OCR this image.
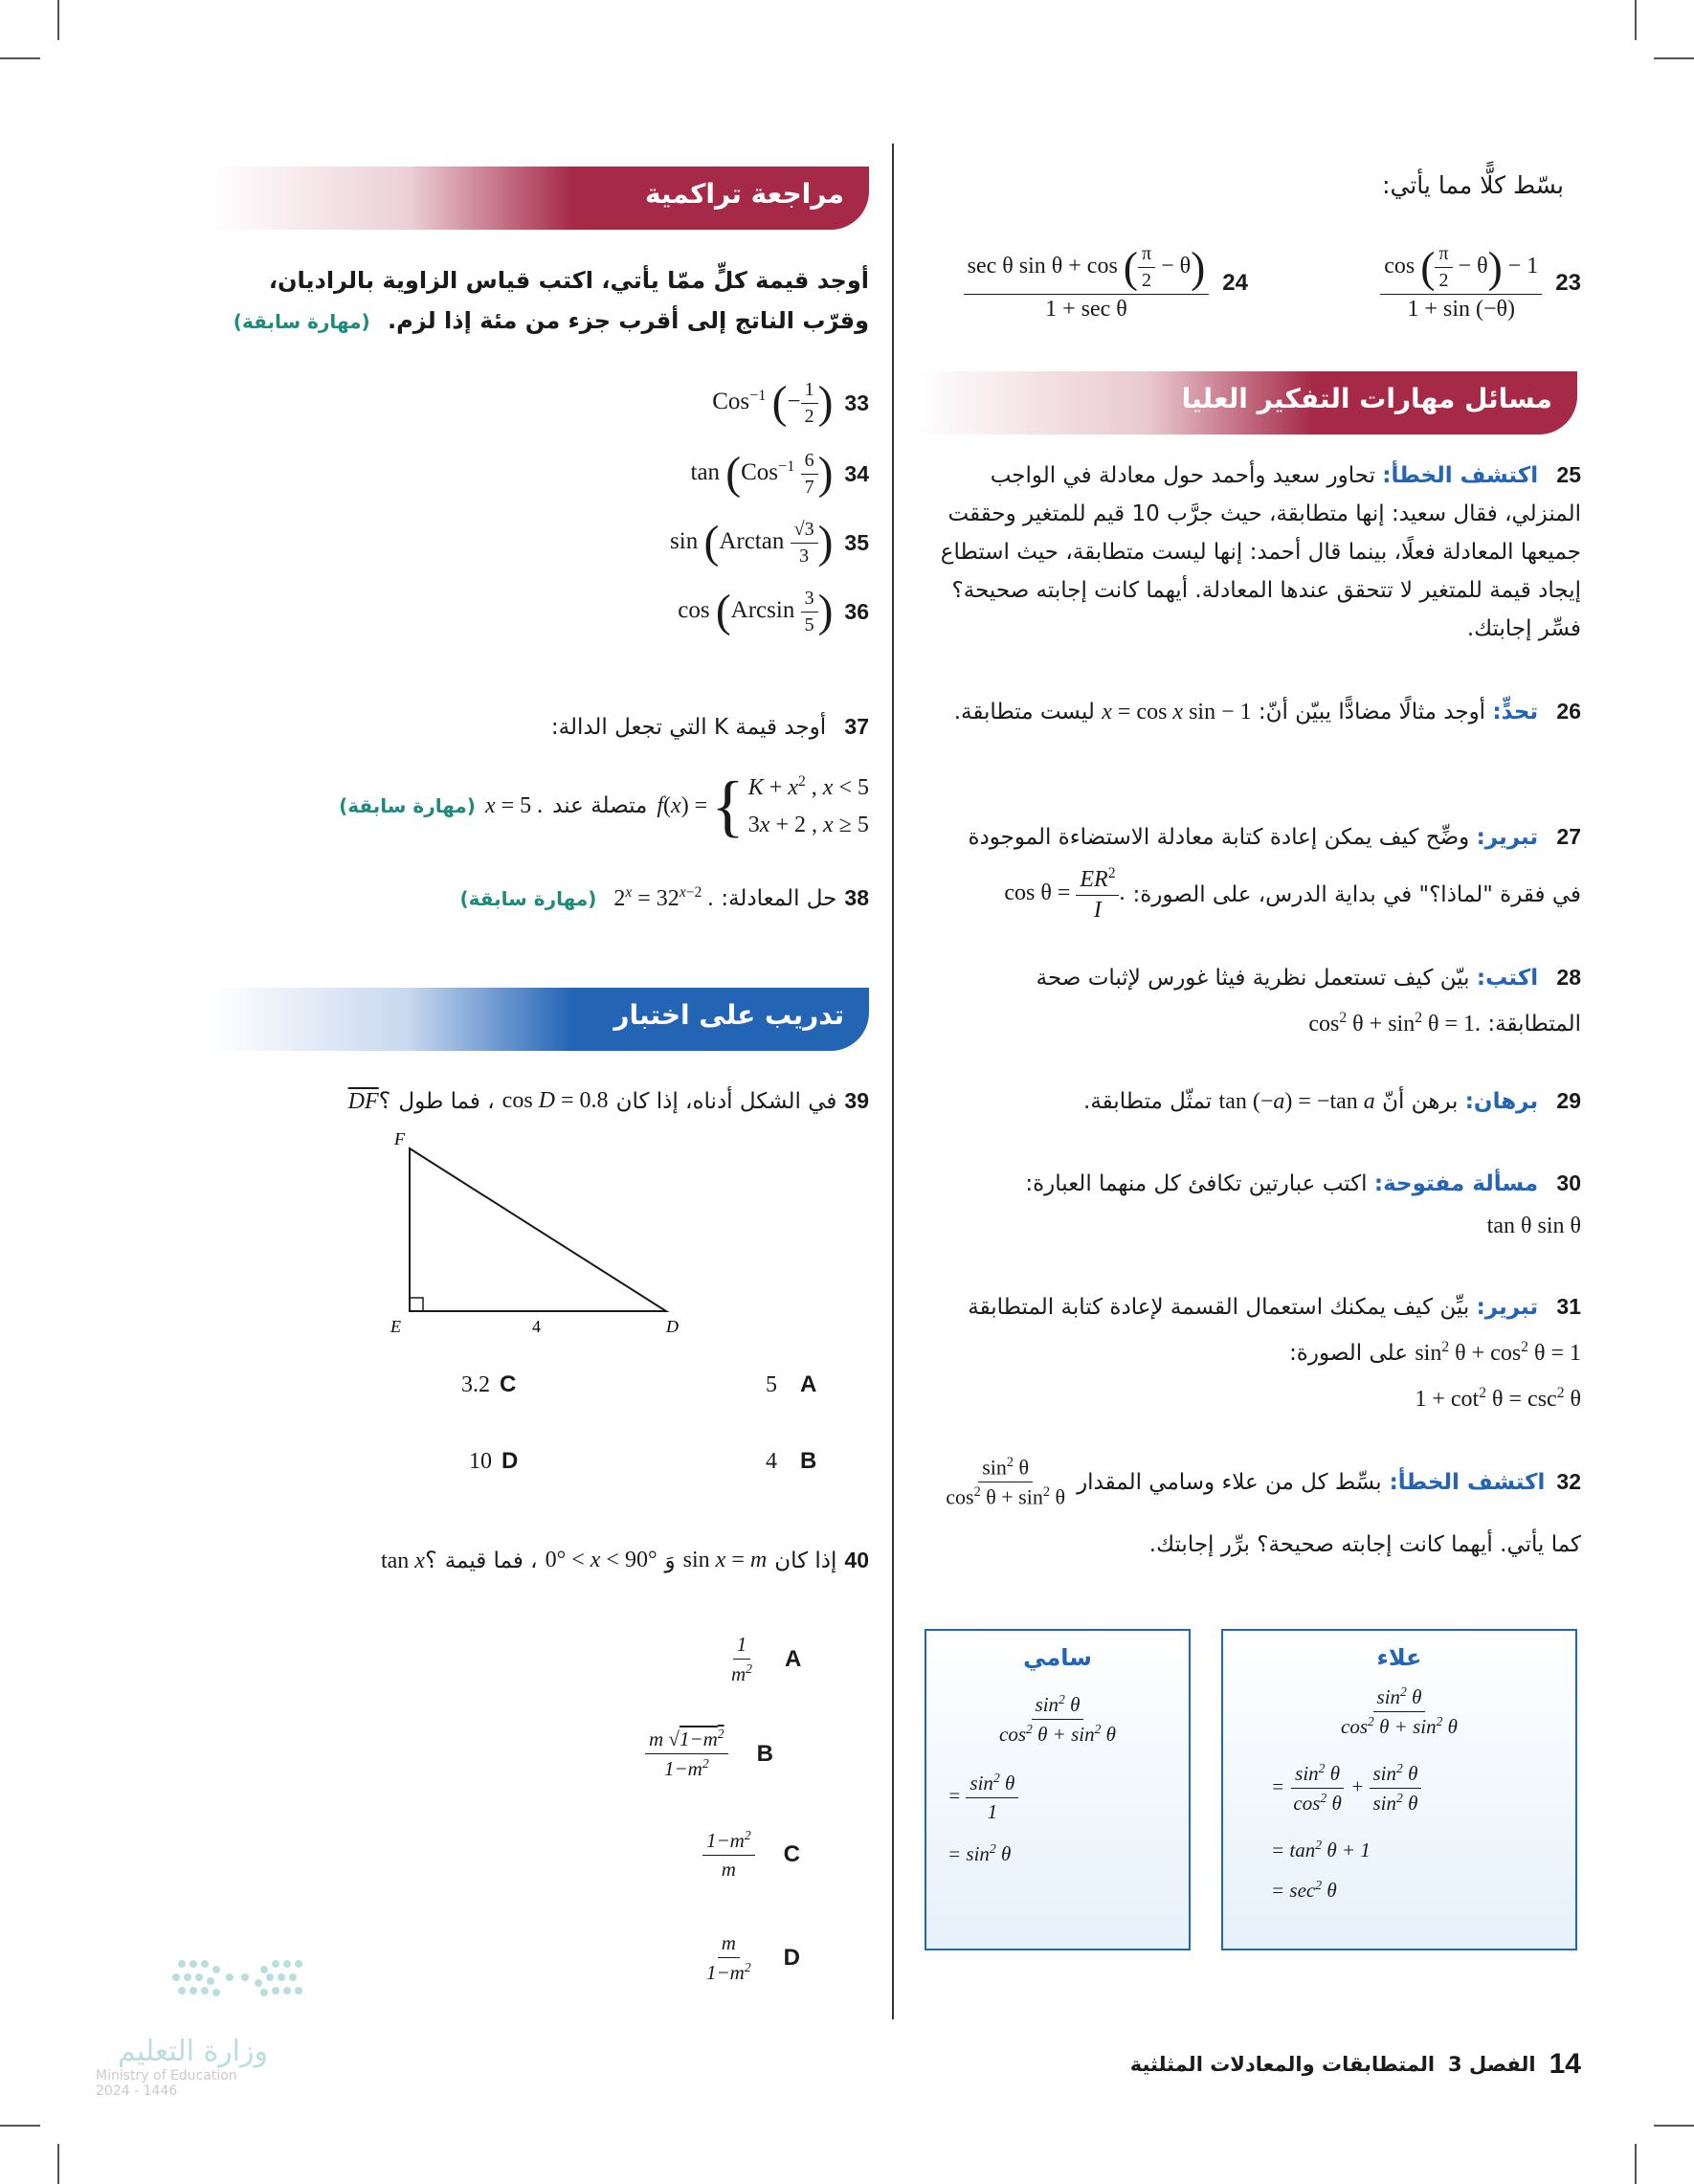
بسّط كلًّا مما يأتي:
23
$\frac{\cos ( \frac{\pi}{2} - \theta) - 1}{1 + \sin (-\theta)}$
24
$\frac{\sec \theta \sin \theta + \cos ( \frac{\pi}{2} - \theta)}{\text{1 + sec θ}}$
مسائل مهارات التفكير العليا
25 اكتشف الخطأ: تحاور سعيد وأحمد حول معادلة في الواجب المنزلي، فقال سعيد: إنها متطابقة، حيث جرَّب 10 قيم للمتغير وحققت جميعها المعادلة فعلًا، بينما قال أحمد: إنها ليست متطابقة، حيث استطاع إيجاد قيمة للمتغير لا تتحقق عندها المعادلة. أيهما كانت إجابته صحيحة؟ فسِّر إجابتك.
26 تحدٍّ: أوجد مثالًا مضادًّا يبيّن أنّ: x = cos x sin − 1 ليست متطابقة.
27 تبرير: وضِّح كيف يمكن إعادة كتابة معادلة الاستضاءة الموجودة
في فقرة "لماذا؟" في بداية الدرس، على الصورة:
$\cos \theta = \frac{ER^2}{I}$ .
28 اكتب: بيّن كيف تستعمل نظرية فيثا غورس لإثبات صحة
المتطابقة: $\cos^2 \theta + \sin^2 \theta = 1$.
29 برهان: برهن أنّ tan (−a) = −tan a تمثّل متطابقة.
30 مسألة مفتوحة: اكتب عبارتين تكافئ كل منهما العبارة:
tan θ sin θ
31 تبرير: بيِّن كيف يمكنك استعمال القسمة لإعادة كتابة المتطابقة
$\sin^2 \theta + \cos^2 \theta = 1$ على الصورة:
$1 + \cot^2 \theta = \csc^2 \theta$
32
اكتشف الخطأ:
بسِّط كل من علاء وسامي المقدار
$\frac{\sin^2 \theta}{\cos^2 \theta + \sin^2 \theta}$
كما يأتي. أيهما كانت إجابته صحيحة؟ برِّر إجابتك.
علاء
$\frac{\sin^2 \theta}{\cos^2 \theta + \sin^2 \theta}$
= $\frac{\sin^2 \theta}{\cos^2 \theta} + \frac{\sin^2 \theta}{\sin^2 \theta}$
= $\tan^2 \theta + 1$
= $\sec^2 \theta$
سامي
$\frac{\sin^2 \theta}{\cos^2 \theta + \sin^2 \theta}$
= $\frac{\sin^2 \theta}{1}$
= $\sin^2 \theta$
مراجعة تراكمية
أوجد قيمة كلٍّ ممّا يأتي، اكتب قياس الزاوية بالراديان، وقرّب الناتج إلى أقرب جزء من مئة إذا لزم. (مهارة سابقة)
33
Cos$^{-1}$ (− $\frac{1}{2}$ )
34
$\tan (Cos^{-1} \frac{6}{7}$ )
35
$\sin (Arctan \frac{√3}{3}$ )
36
$\cos (Arcsin \frac{3}{5}$ )
37 أوجد قيمة K التي تجعل الدالة:
f(x) = { $K + x^2$ , x < 5
3x + 2 , x ≥ 5
متصلة عند
x = 5 .
(مهارة سابقة)
38
حل المعادلة:
$2^x = 32^{x-2}$ .
(مهارة سابقة)
تدريب على اختبار
39
في الشكل أدناه، إذا كان
cos D = 0.8
، فما طول
$\overline{DF}؟$
F
E	D
4
5 A
4 B
3.2 C
10 D
40
إذا كان
sin x = m
وَ
0° < x < 90°
، فما قيمة
tan x؟
$\frac{1}{m^2}$ A
$\frac{m √1-m^2}{1-m^2}$ B
$\frac{1-m^2}{m}$ C
$\frac{m}{1-m^2}$ D
وزارة التعليم
Ministry of Education
2024 - 1446
14
الفصل 3
المتطابقات والمعادلات المثلثية
